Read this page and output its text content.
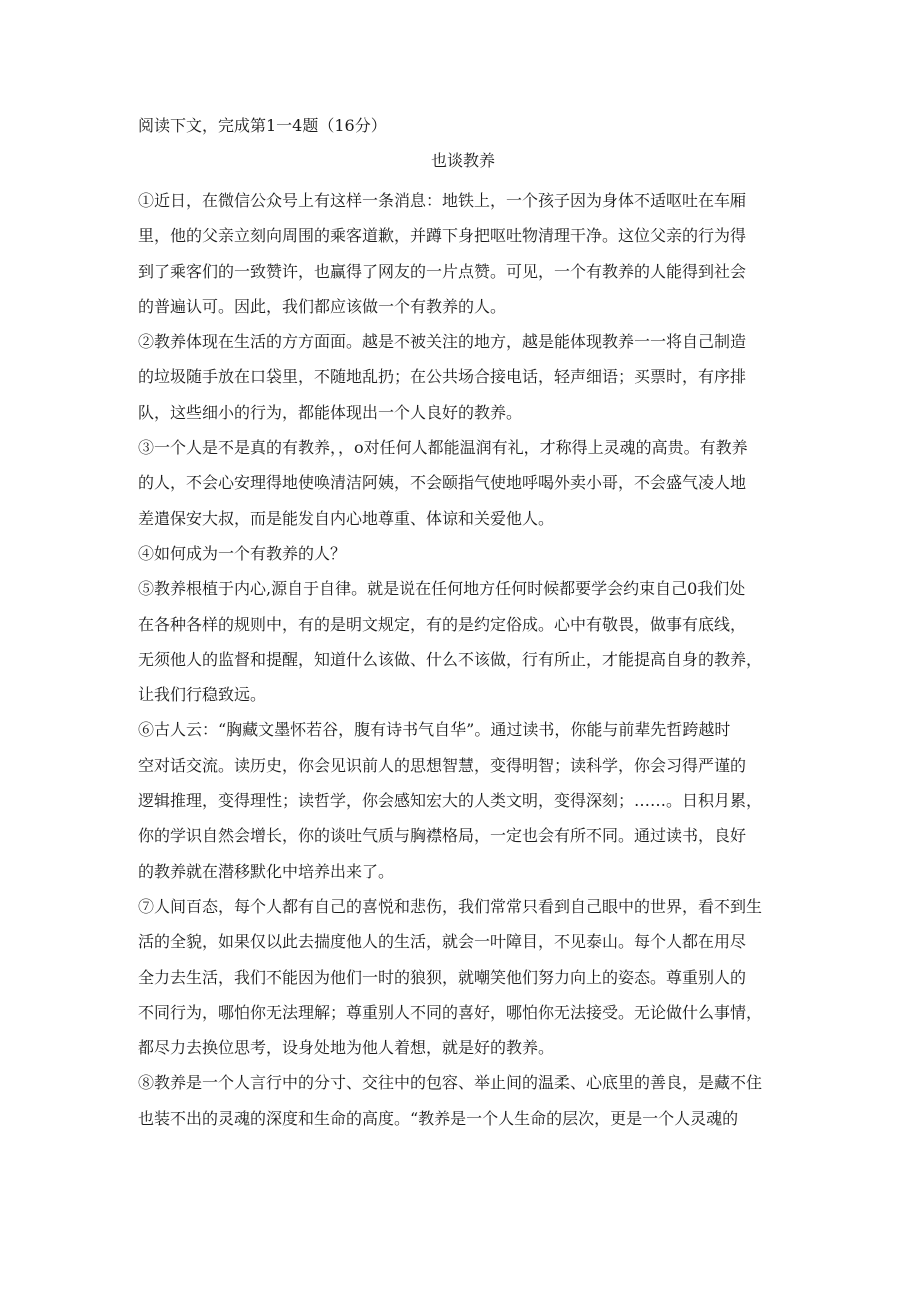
阅读下文，完成第1一4题（16分）
也谈教养

①近日，在微信公众号上有这样一条消息：地铁上，一个孩子因为身体不适呕吐在车厢
里，他的父亲立刻向周围的乘客道歉，并蹲下身把呕吐物清理干净。这位父亲的行为得
到了乘客们的一致赞许，也赢得了网友的一片点赞。可见，一个有教养的人能得到社会
的普遍认可。因此，我们都应该做一个有教养的人。

②教养体现在生活的方方面面。越是不被关注的地方，越是能体现教养一一将自己制造
的垃圾随手放在口袋里，不随地乱扔；在公共场合接电话，轻声细语；买票时，有序排
队，这些细小的行为，都能体现出一个人良好的教养。

③一个人是不是真的有教养，，o对任何人都能温润有礼，才称得上灵魂的高贵。有教养
的人，不会心安理得地使唤清洁阿姨，不会颐指气使地呼喝外卖小哥，不会盛气凌人地
差遣保安大叔，而是能发自内心地尊重、体谅和关爱他人。

④如何成为一个有教养的人？

⑤教养根植于内心,源自于自律。就是说在任何地方任何时候都要学会约束自己0我们处
在各种各样的规则中，有的是明文规定，有的是约定俗成。心中有敬畏，做事有底线，
无须他人的监督和提醒，知道什么该做、什么不该做，行有所止，才能提高自身的教养，
让我们行稳致远。

⑥古人云：“胸藏文墨怀若谷，腹有诗书气自华”。通过读书，你能与前辈先哲跨越时
空对话交流。读历史，你会见识前人的思想智慧，变得明智；读科学，你会习得严谨的
逻辑推理，变得理性；读哲学，你会感知宏大的人类文明，变得深刻；……。日积月累，
你的学识自然会增长，你的谈吐气质与胸襟格局，一定也会有所不同。通过读书，良好
的教养就在潜移默化中培养出来了。

⑦人间百态，每个人都有自己的喜悦和悲伤，我们常常只看到自己眼中的世界，看不到生
活的全貌，如果仅以此去揣度他人的生活，就会一叶障目，不见泰山。每个人都在用尽
全力去生活，我们不能因为他们一时的狼狈，就嘲笑他们努力向上的姿态。尊重别人的
不同行为，哪怕你无法理解；尊重别人不同的喜好，哪怕你无法接受。无论做什么事情，
都尽力去换位思考，设身处地为他人着想，就是好的教养。

⑧教养是一个人言行中的分寸、交往中的包容、举止间的温柔、心底里的善良，是藏不住
也装不出的灵魂的深度和生命的高度。“教养是一个人生命的层次，更是一个人灵魂的
